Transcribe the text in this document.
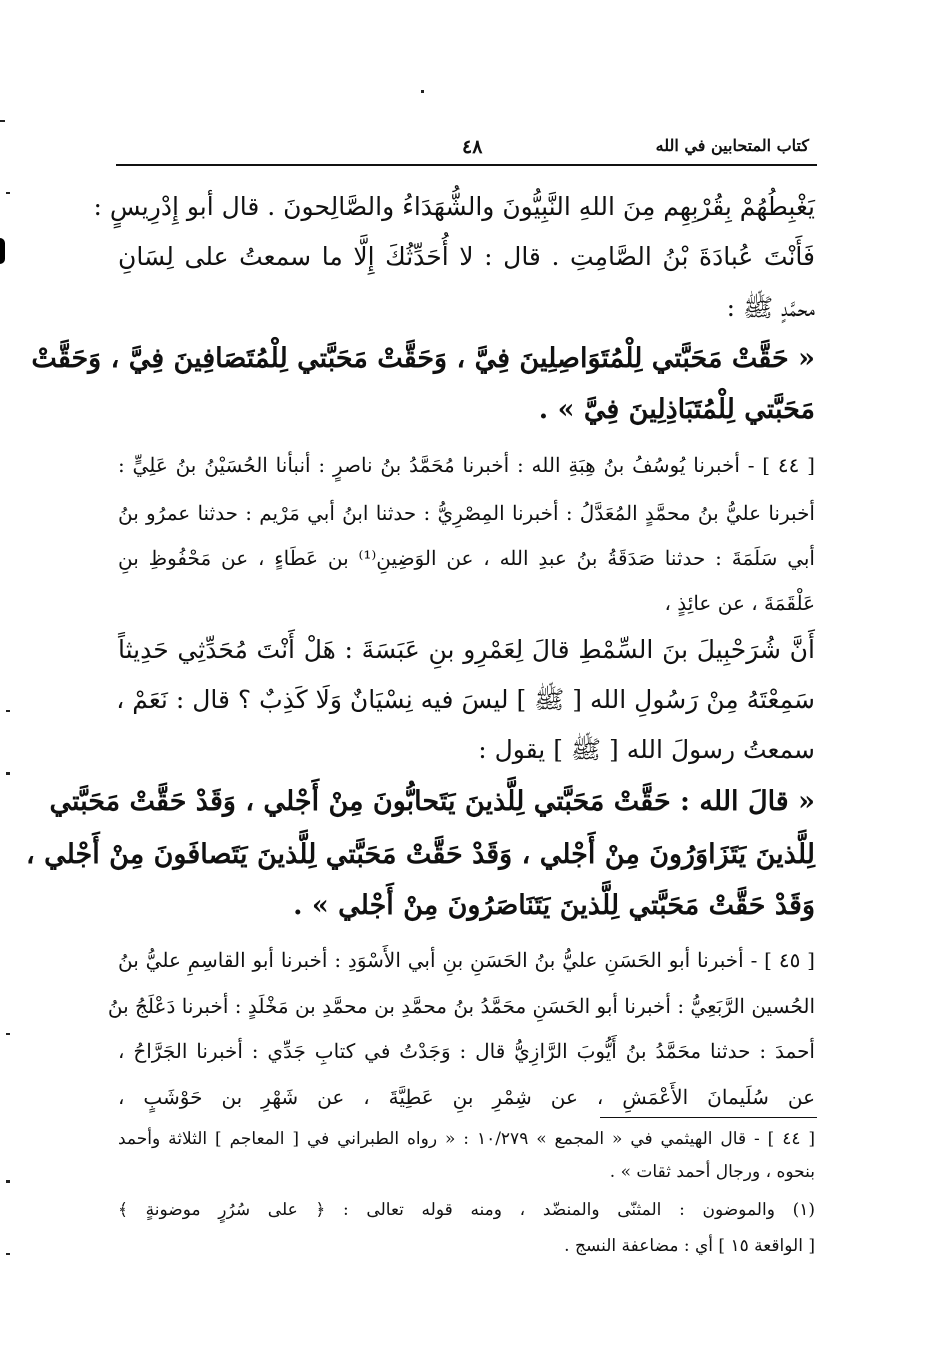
كتاب المتحابين في الله
٤٨
يَغْبِطُهُمْ بِقُرْبِهِم مِنَ اللهِ النَّبِيُّونَ والشُّهَدَاءُ والصَّالِحونَ . قال أبو إِدْرِيسٍ :
فَأَنْتَ عُبادَةَ بْنُ الصَّامِتِ . قال : لا أُحَدِّثُكَ إِلَّا ما سمعتُ على لِسَانِ
محمَّدٍ ﷺ :
« حَقَّتْ مَحَبَّتي لِلْمُتَوَاصِلِينَ فِيَّ ، وَحَقَّتْ مَحَبَّتي لِلْمُتَصَافِينَ فِيَّ ، وَحَقَّتْ
مَحَبَّتي لِلْمُتَبَاذِلِينَ فِيَّ » .
[ ٤٤ ] - أخبرنا يُوسُفُ بنُ هِبَةِ الله : أخبرنا مُحَمَّدُ بنُ ناصرٍ : أنبأنا الحُسَيْنُ بنُ عَلِيٍّ :
أخبرنا عليُّ بنُ محمَّدٍ المُعَدَّلُ : أخبرنا المِصْرِيُّ : حدثنا ابنُ أبي مَرْيم : حدثنا عمرُو بنُ
أبي سَلَمَةَ : حدثنا صَدَقَةُ بنُ عبدِ الله ، عن الوَضِينِ⁽¹⁾ بن عَطَاءٍ ، عن مَحْفُوظِ بنِ
عَلْقَمَةَ ، عن عائِذٍ ،
أَنَّ شُرَحْبِيلَ بنَ السِّمْطِ قالَ لِعَمْرِو بنِ عَبَسَةَ : هَلْ أَنْتَ مُحَدِّثِي حَدِيثاً
سَمِعْتَهُ مِنْ رَسُولِ الله [ ﷺ ] ليسَ فيه نِسْيَانٌ وَلَا كَذِبٌ ؟ قال : نَعَمْ ،
سمعتُ رسولَ الله [ ﷺ ] يقول :
« قالَ الله : حَقَّتْ مَحَبَّتي لِلَّذينَ يَتَحابُّونَ مِنْ أَجْلي ، وَقَدْ حَقَّتْ مَحَبَّتي
لِلَّذينَ يَتَزَاوَرُونَ مِنْ أَجْلي ، وَقَدْ حَقَّتْ مَحَبَّتي لِلَّذينَ يَتَصافَونَ مِنْ أَجْلي ،
وَقَدْ حَقَّتْ مَحَبَّتي لِلَّذينَ يَتَنَاصَرُونَ مِنْ أَجْلي » .
[ ٤٥ ] - أخبرنا أبو الحَسَنِ عليُّ بنُ الحَسَنِ بنِ أبي الأَسْوَدِ : أخبرنا أبو القاسِمِ عليُّ بنُ
الحُسين الرَّبَعِيُّ : أخبرنا أبو الحَسَنِ محَمَّدُ بنُ محمَّدِ بن محمَّدِ بن مَخْلَدٍ : أخبرنا دَعْلَجُ بنُ
أحمدَ : حدثنا محَمَّدُ بنُ أَيُّوبَ الرَّازِيُّ قال : وَجَدْتُ في كتابِ جَدِّي : أخبرنا الجَرَّاحُ ،
عن سُلَيمانَ الأَعْمَشِ ، عن شِمْرِ بنِ عَطِيَّةَ ، عن شَهْرِ بن حَوْشَبٍ ،
[ ٤٤ ] - قال الهيثمي في « المجمع » ١٠/٢٧٩ : « رواه الطبراني في [ المعاجم ] الثلاثة وأحمد
بنحوه ، ورجال أحمد ثقات » .
(١) والموضون : المثنّى والمنضّد ، ومنه قوله تعالى : ﴿ على سُرُرٍ موضونةٍ ﴾
[ الواقعة ١٥ ] أي : مضاعفة النسج .
